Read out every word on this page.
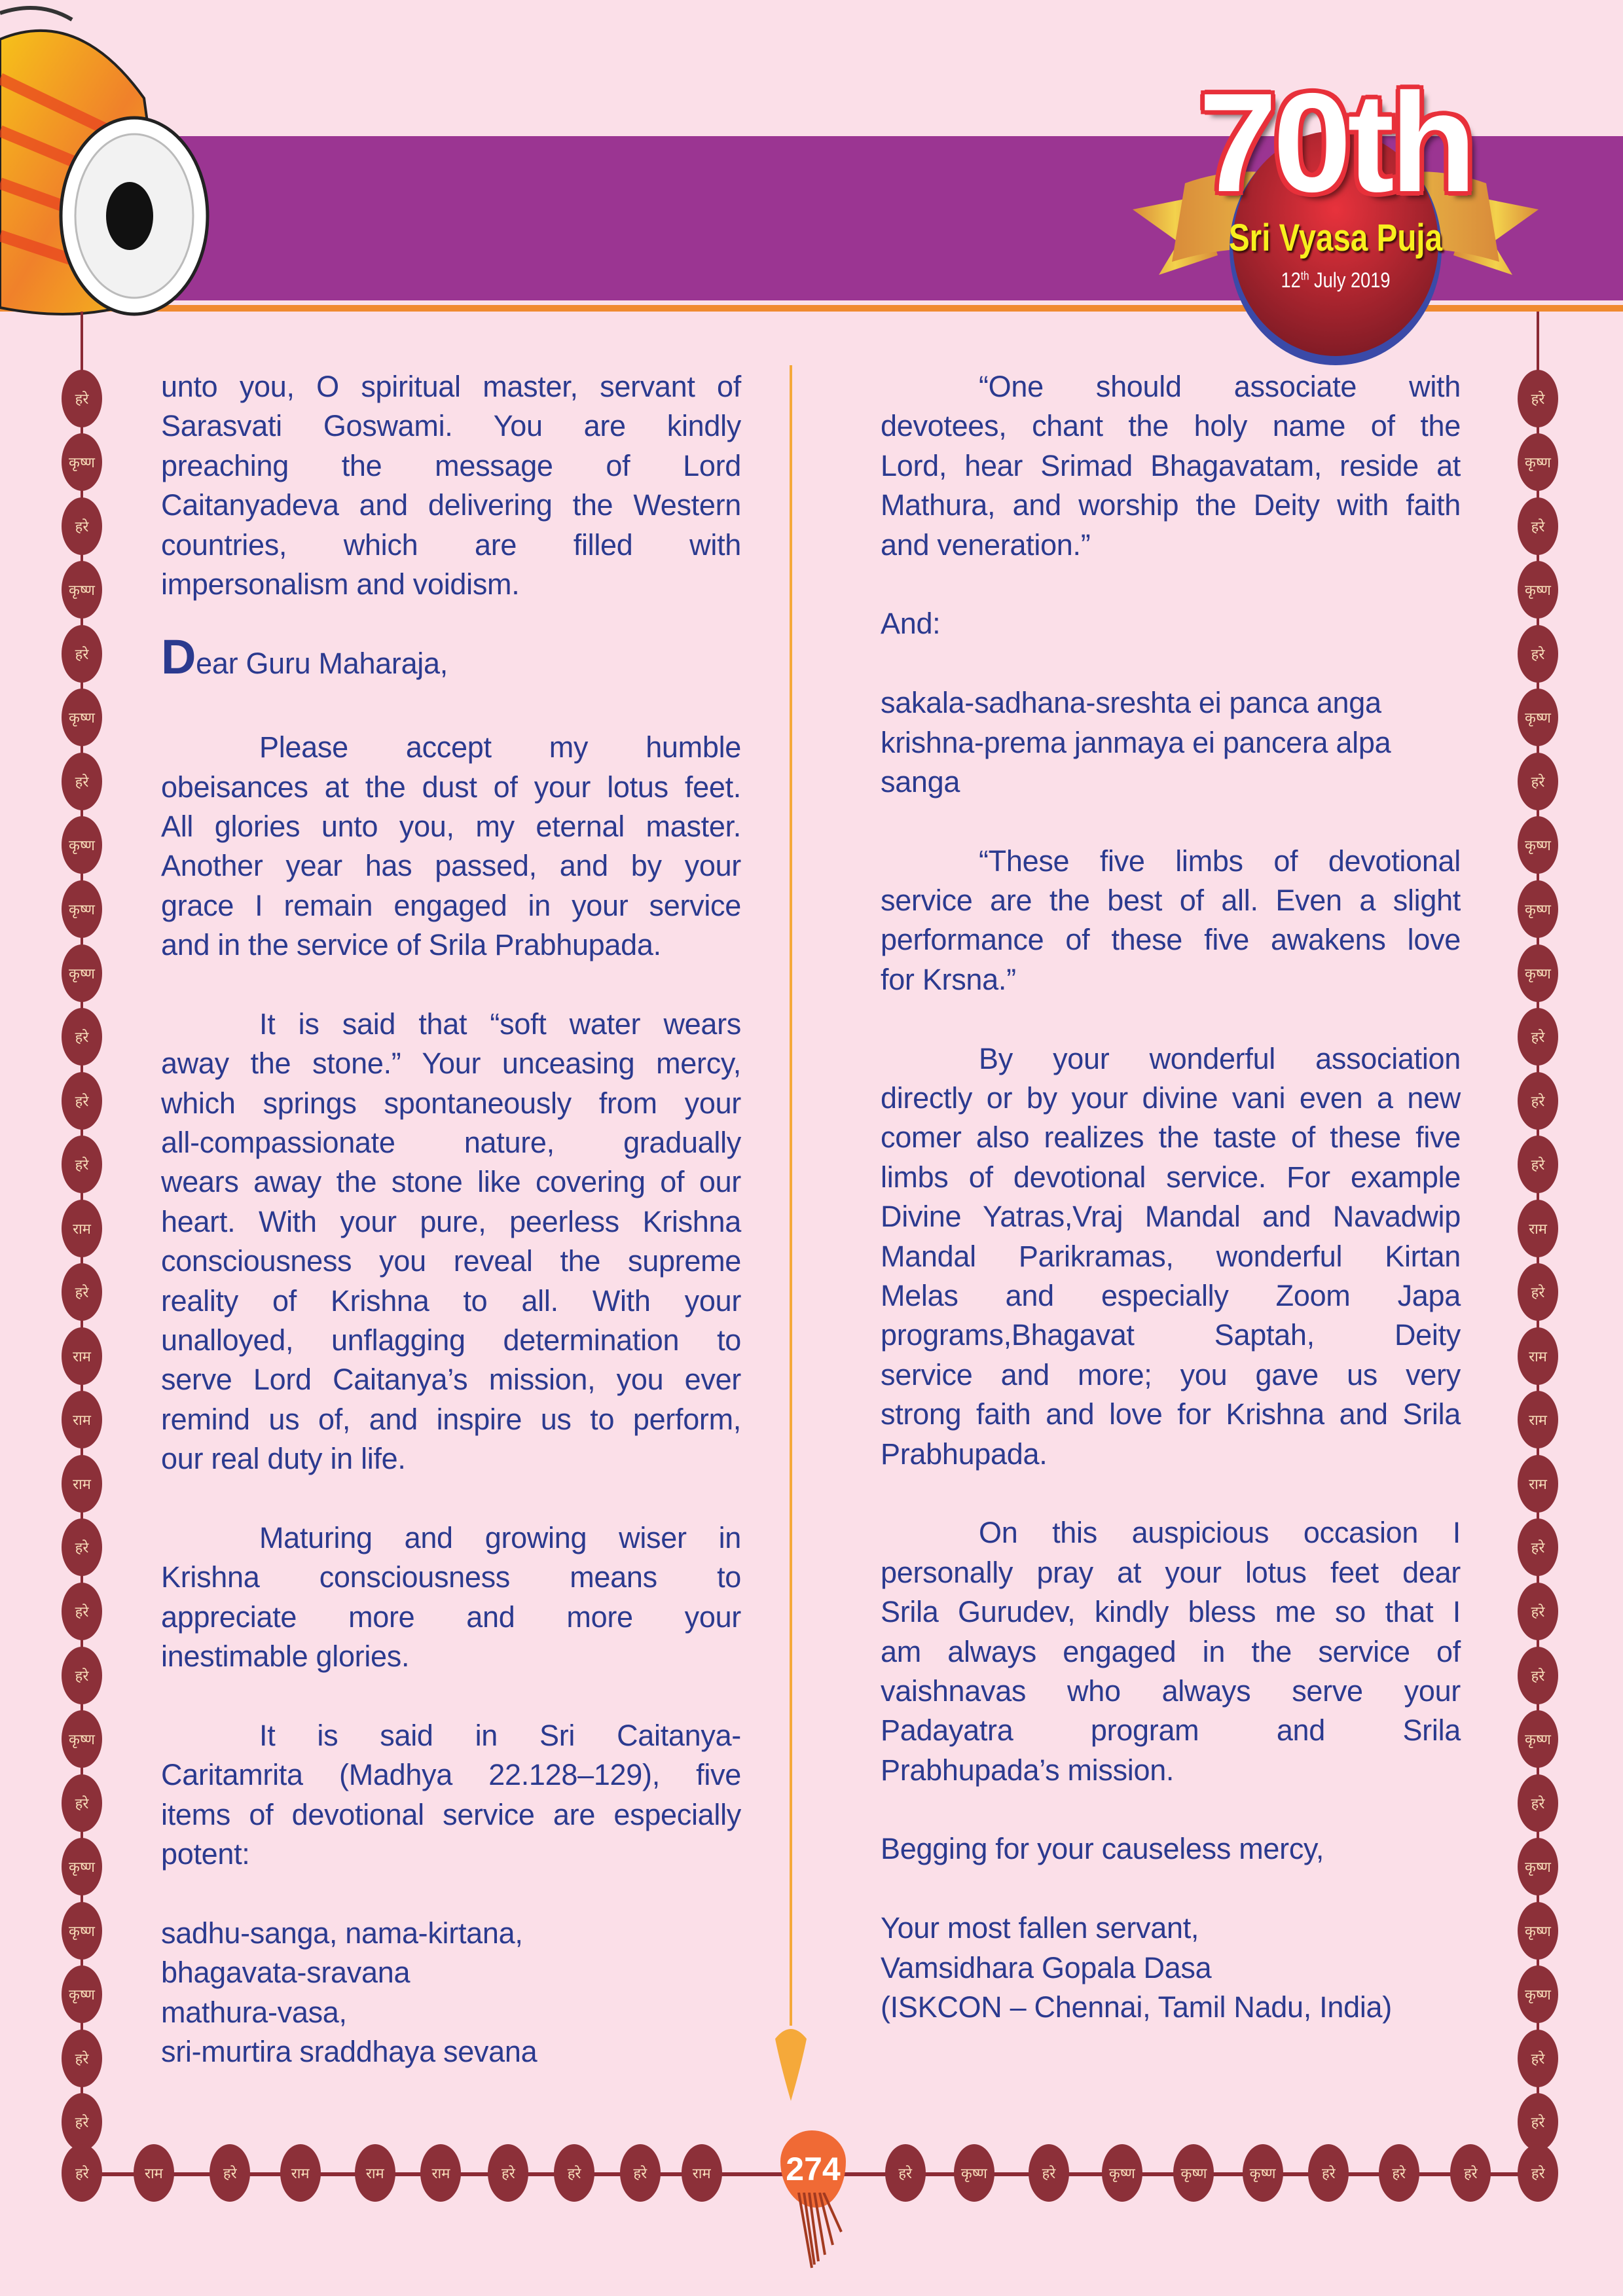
70th
Sri Vyasa Puja
12th July 2019
हरे
कृष्ण
हरे
कृष्ण
हरे
कृष्ण
हरे
कृष्ण
कृष्ण
कृष्ण
हरे
हरे
हरे
राम
हरे
राम
राम
राम
हरे
हरे
हरे
कृष्ण
हरे
कृष्ण
कृष्ण
कृष्ण
हरे
हरे
हरे
कृष्ण
हरे
कृष्ण
हरे
कृष्ण
हरे
कृष्ण
कृष्ण
कृष्ण
हरे
हरे
हरे
राम
हरे
राम
राम
राम
हरे
हरे
हरे
कृष्ण
हरे
कृष्ण
कृष्ण
कृष्ण
हरे
हरे
हरे	राम	हरे	राम	राम	राम	हरे	हरे	हरे	राम	हरे	कृष्ण	हरे	कृष्ण	कृष्ण	कृष्ण	हरे	हरे	हरे	हरे
274
unto you, O spiritual master, servant of
Sarasvati Goswami. You are kindly
preaching the message of Lord
Caitanyadeva and delivering the Western
countries, which are filled with
impersonalism and voidism.
Dear Guru Maharaja,
Please accept my humble
obeisances at the dust of your lotus feet.
All glories unto you, my eternal master.
Another year has passed, and by your
grace I remain engaged in your service
and in the service of Srila Prabhupada.
It is said that “soft water wears
away the stone.” Your unceasing mercy,
which springs spontaneously from your
all-compassionate nature, gradually
wears away the stone like covering of our
heart. With your pure, peerless Krishna
consciousness you reveal the supreme
reality of Krishna to all. With your
unalloyed, unflagging determination to
serve Lord Caitanya’s mission, you ever
remind us of, and inspire us to perform,
our real duty in life.
Maturing and growing wiser in
Krishna consciousness means to
appreciate more and more your
inestimable glories.
It is said in Sri Caitanya-
Caritamrita (Madhya 22.128–129), five
items of devotional service are especially
potent:
sadhu-sanga, nama-kirtana,
bhagavata-sravana
mathura-vasa,
sri-murtira sraddhaya sevana
“One should associate with
devotees, chant the holy name of the
Lord, hear Srimad Bhagavatam, reside at
Mathura, and worship the Deity with faith
and veneration.”
And:
sakala-sadhana-sreshta ei panca anga
krishna-prema janmaya ei pancera alpa
sanga
“These five limbs of devotional
service are the best of all. Even a slight
performance of these five awakens love
for Krsna.”
By your wonderful association
directly or by your divine vani even a new
comer also realizes the taste of these five
limbs of devotional service. For example
Divine Yatras,Vraj Mandal and Navadwip
Mandal Parikramas, wonderful Kirtan
Melas and especially Zoom Japa
programs,Bhagavat Saptah, Deity
service and more; you gave us very
strong faith and love for Krishna and Srila
Prabhupada.
On this auspicious occasion I
personally pray at your lotus feet dear
Srila Gurudev, kindly bless me so that I
am always engaged in the service of
vaishnavas who always serve your
Padayatra program and Srila
Prabhupada’s mission.
Begging for your causeless mercy,
Your most fallen servant,
Vamsidhara Gopala Dasa
(ISKCON – Chennai, Tamil Nadu, India)
